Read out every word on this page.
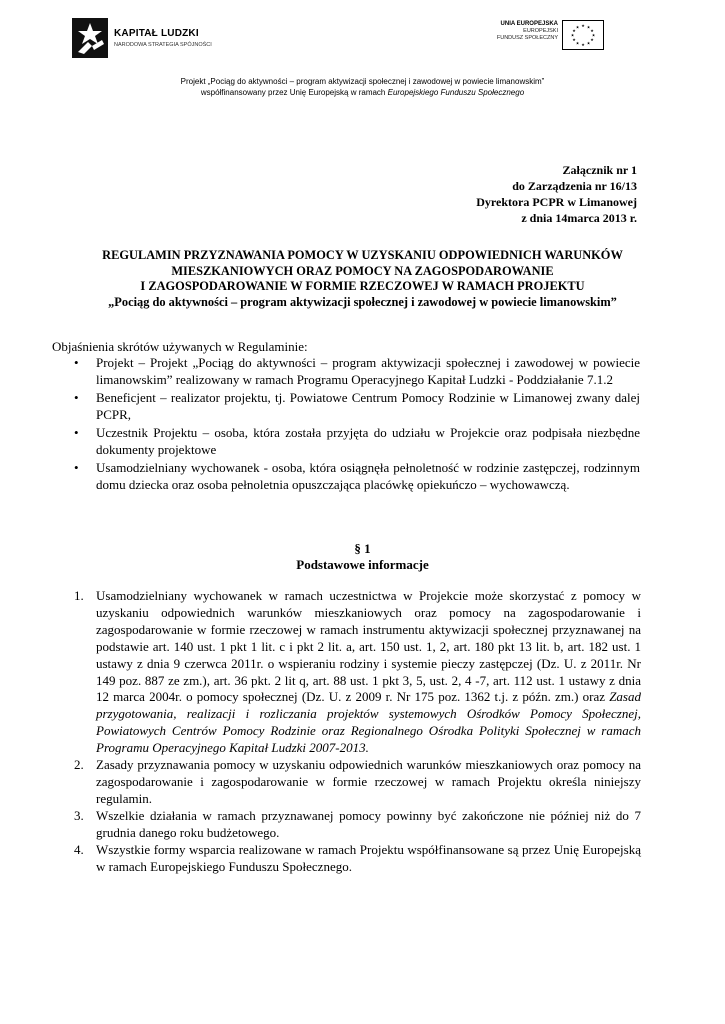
KAPITAŁ LUDZKI
NARODOWA STRATEGIA SPÓJNOŚCI
UNIA EUROPEJSKA
EUROPEJSKI
FUNDUSZ SPOŁECZNY
★ ★
★
★
★
★
★
★
★
★
★
★
Projekt „Pociąg do aktywności – program aktywizacji społecznej i zawodowej w powiecie limanowskim”
współfinansowany przez Unię Europejską w ramach Europejskiego Funduszu Społecznego
Załącznik nr 1
do Zarządzenia nr 16/13
Dyrektora PCPR w Limanowej
z dnia 14marca 2013 r.
REGULAMIN PRZYZNAWANIA POMOCY W UZYSKANIU ODPOWIEDNICH WARUNKÓW
MIESZKANIOWYCH ORAZ POMOCY NA ZAGOSPODAROWANIE
I ZAGOSPODAROWANIE W FORMIE RZECZOWEJ W RAMACH PROJEKTU
„Pociąg do aktywności – program aktywizacji społecznej i zawodowej w powiecie limanowskim”
Objaśnienia skrótów używanych w Regulaminie:
• Projekt – Projekt „Pociąg do aktywności – program aktywizacji społecznej i zawodowej w powiecie limanowskim” realizowany w ramach Programu Operacyjnego Kapitał Ludzki - Poddziałanie 7.1.2
• Beneficjent – realizator projektu, tj. Powiatowe Centrum Pomocy Rodzinie w Limanowej zwany dalej PCPR,
• Uczestnik Projektu – osoba, która została przyjęta do udziału w Projekcie oraz podpisała niezbędne dokumenty projektowe
• Usamodzielniany wychowanek - osoba, która osiągnęła pełnoletność w rodzinie zastępczej, rodzinnym domu dziecka oraz osoba pełnoletnia opuszczająca placówkę opiekuńczo – wychowawczą.
§ 1
Podstawowe informacje
1. Usamodzielniany wychowanek w ramach uczestnictwa w Projekcie może skorzystać z pomocy w uzyskaniu odpowiednich warunków mieszkaniowych oraz pomocy na zagospodarowanie i zagospodarowanie w formie rzeczowej w ramach instrumentu aktywizacji społecznej przyznawanej na podstawie art. 140 ust. 1 pkt 1 lit. c i pkt 2 lit. a, art. 150 ust. 1, 2, art. 180 pkt 13 lit. b, art. 182 ust. 1 ustawy z dnia 9 czerwca 2011r. o wspieraniu rodziny i systemie pieczy zastępczej (Dz. U. z 2011r. Nr 149 poz. 887 ze zm.), art. 36 pkt. 2 lit q, art. 88 ust. 1 pkt 3, 5, ust. 2, 4 -7, art. 112 ust. 1 ustawy z dnia 12 marca 2004r. o pomocy społecznej (Dz. U. z 2009 r. Nr 175 poz. 1362 t.j. z późn. zm.) oraz Zasad przygotowania, realizacji i rozliczania projektów systemowych Ośrodków Pomocy Społecznej, Powiatowych Centrów Pomocy Rodzinie oraz Regionalnego Ośrodka Polityki Społecznej w ramach Programu Operacyjnego Kapitał Ludzki 2007-2013.

2. Zasady przyznawania pomocy w uzyskaniu odpowiednich warunków mieszkaniowych oraz pomocy na zagospodarowanie i zagospodarowanie w formie rzeczowej w ramach Projektu określa niniejszy regulamin.

3. Wszelkie działania w ramach przyznawanej pomocy powinny być zakończone nie później niż do 7 grudnia danego roku budżetowego.

4. Wszystkie formy wsparcia realizowane w ramach Projektu współfinansowane są przez Unię Europejską w ramach Europejskiego Funduszu Społecznego.
